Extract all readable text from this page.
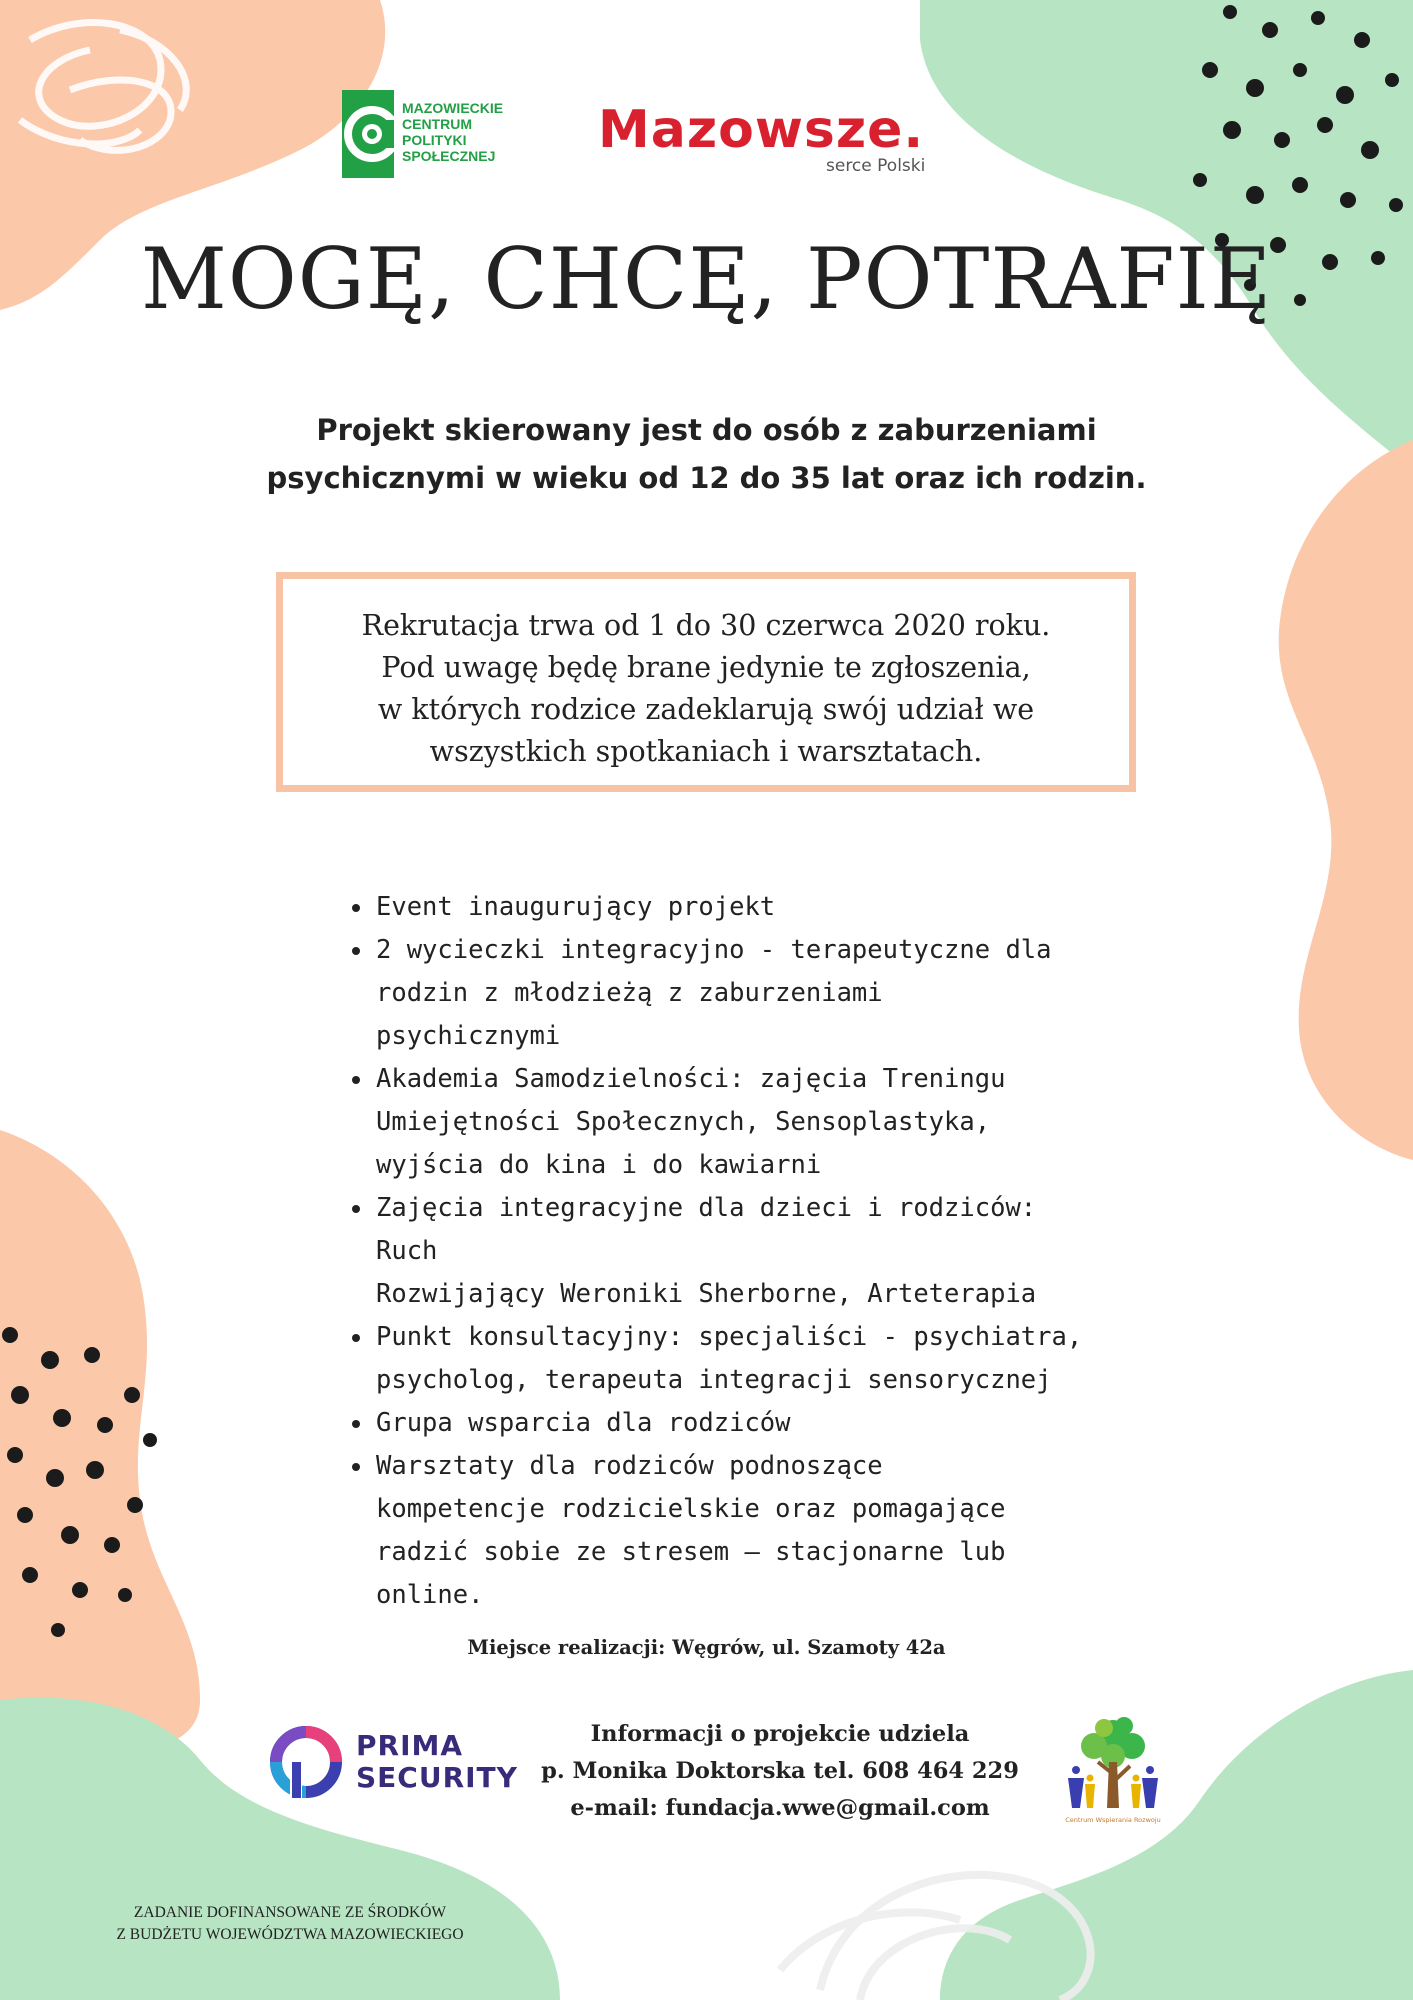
MAZOWIECKIE
CENTRUM
POLITYKI
SPOŁECZNEJ Mazowsze.
serce Polski
MOGĘ, CHCĘ, POTRAFIĘ
Projekt skierowany jest do osób z zaburzeniami
psychicznymi w wieku od 12 do 35 lat oraz ich rodzin.
Rekrutacja trwa od 1 do 30 czerwca 2020 roku.
Pod uwagę będę brane jedynie te zgłoszenia,
w których rodzice zadeklarują swój udział we
wszystkich spotkaniach i warsztatach.
Event inaugurujący projekt
2 wycieczki integracyjno - terapeutyczne dla
rodzin z młodzieżą z zaburzeniami
psychicznymi
Akademia Samodzielności: zajęcia Treningu
Umiejętności Społecznych, Sensoplastyka,
wyjścia do kina i do kawiarni
Zajęcia integracyjne dla dzieci i rodziców: Ruch
Rozwijający Weroniki Sherborne, Arteterapia
Punkt konsultacyjny: specjaliści - psychiatra,
psycholog, terapeuta integracji sensorycznej
Grupa wsparcia dla rodziców
Warsztaty dla rodziców podnoszące
kompetencje rodzicielskie oraz pomagające
radzić sobie ze stresem – stacjonarne lub
online.
Miejsce realizacji: Węgrów, ul. Szamoty 42a
PRIMA
SECURITY
Informacji o projekcie udziela
p. Monika Doktorska tel. 608 464 229
e-mail: fundacja.wwe@gmail.com	Centrum Wspierania Rozwoju
ZADANIE DOFINANSOWANE ZE ŚRODKÓW
Z BUDŻETU WOJEWÓDZTWA MAZOWIECKIEGO
